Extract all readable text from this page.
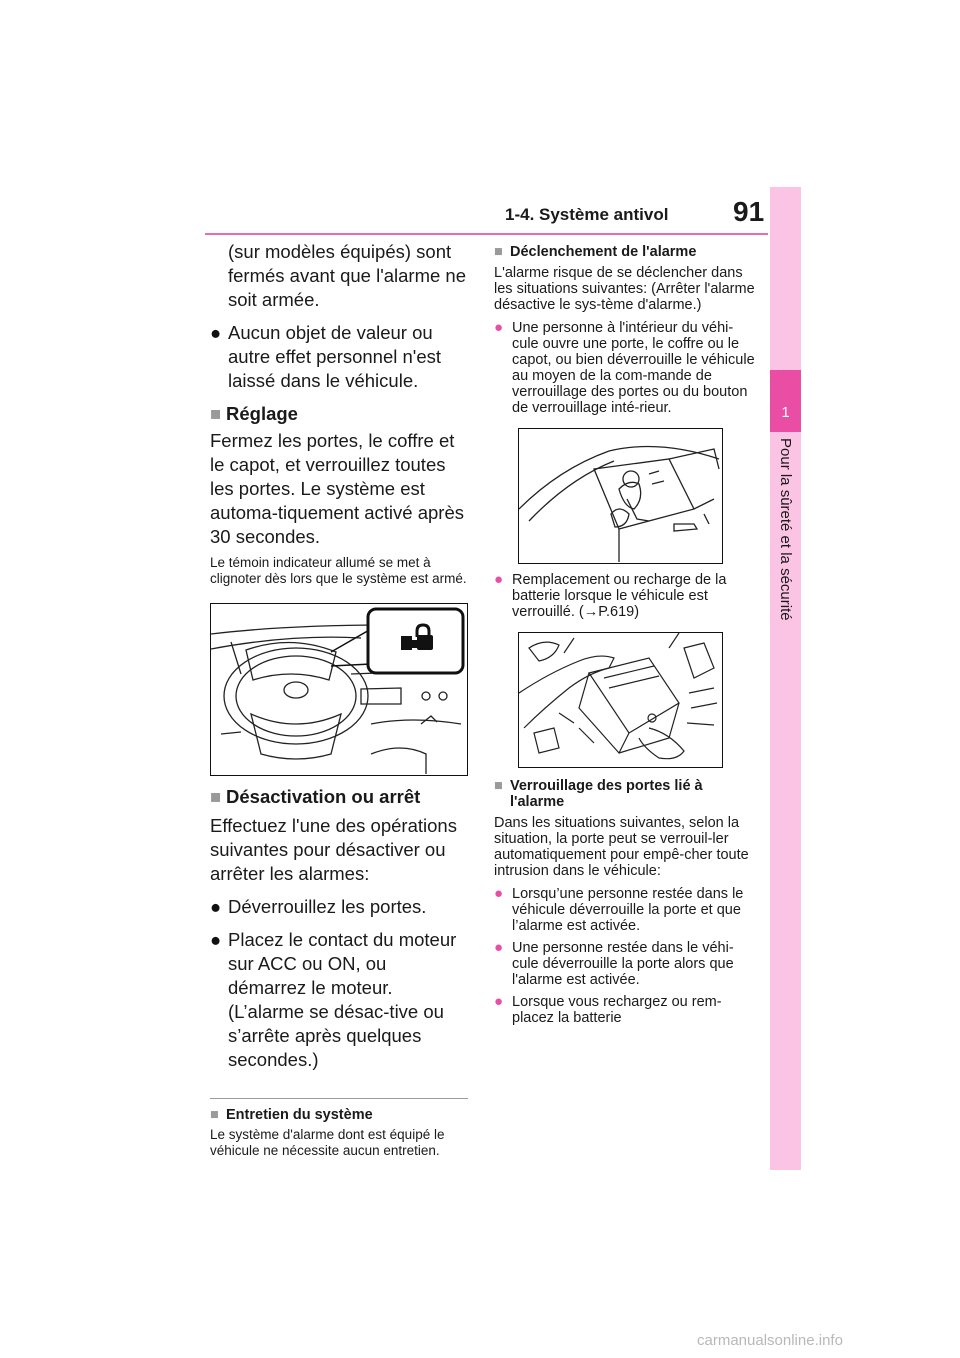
1-4. Système antivol 91
1
Pour la sûreté et la sécurité

(sur modèles équipés) sont fermés avant que l'alarme ne soit armée.

● Aucun objet de valeur ou autre effet personnel n'est laissé dans le véhicule.
■ Réglage

Fermez les portes, le coffre et le capot, et verrouillez toutes les portes. Le système est automa-tiquement activé après 30 secondes.

Le témoin indicateur allumé se met à clignoter dès lors que le système est armé.

■ Désactivation ou arrêt

Effectuez l'une des opérations suivantes pour désactiver ou arrêter les alarmes:

● Déverrouillez les portes.
● Placez le contact du moteur sur ACC ou ON, ou démarrez le moteur. (L’alarme se désac-tive ou s’arrête après quelques secondes.)
■ Entretien du système

Le système d'alarme dont est équipé le véhicule ne nécessite aucun entretien.

■ Déclenchement de l'alarme

L'alarme risque de se déclencher dans les situations suivantes: (Arrêter l'alarme désactive le sys-tème d'alarme.)

● Une personne à l'intérieur du véhi-cule ouvre une porte, le coffre ou le capot, ou bien déverrouille le véhicule au moyen de la com-mande de verrouillage des portes ou du bouton de verrouillage inté-rieur.
● Remplacement ou recharge de la batterie lorsque le véhicule est verrouillé. (→P.619)
■ Verrouillage des portes lié à l'alarme

Dans les situations suivantes, selon la situation, la porte peut se verrouil-ler automatiquement pour empê-cher toute intrusion dans le véhicule:

● Lorsqu’une personne restée dans le véhicule déverrouille la porte et que l’alarme est activée.
● Une personne restée dans le véhi-cule déverrouille la porte alors que l'alarme est activée.
● Lorsque vous rechargez ou rem-placez la batterie
carmanualsonline.info
